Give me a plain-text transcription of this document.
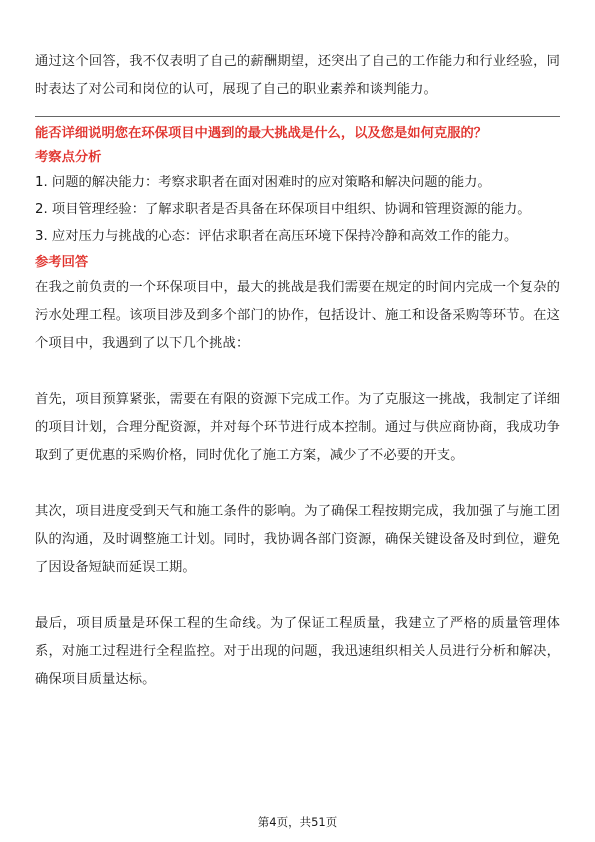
通过这个回答，我不仅表明了自己的薪酬期望，还突出了自己的工作能力和行业经验，同时表达了对公司和岗位的认可，展现了自己的职业素养和谈判能力。

能否详细说明您在环保项目中遇到的最大挑战是什么，以及您是如何克服的？

考察点分析

1. 问题的解决能力：考察求职者在面对困难时的应对策略和解决问题的能力。
2. 项目管理经验：了解求职者是否具备在环保项目中组织、协调和管理资源的能力。
3. 应对压力与挑战的心态：评估求职者在高压环境下保持冷静和高效工作的能力。

参考回答

在我之前负责的一个环保项目中，最大的挑战是我们需要在规定的时间内完成一个复杂的污水处理工程。该项目涉及到多个部门的协作，包括设计、施工和设备采购等环节。在这个项目中，我遇到了以下几个挑战：

首先，项目预算紧张，需要在有限的资源下完成工作。为了克服这一挑战，我制定了详细的项目计划，合理分配资源，并对每个环节进行成本控制。通过与供应商协商，我成功争取到了更优惠的采购价格，同时优化了施工方案，减少了不必要的开支。

其次，项目进度受到天气和施工条件的影响。为了确保工程按期完成，我加强了与施工团队的沟通，及时调整施工计划。同时，我协调各部门资源，确保关键设备及时到位，避免了因设备短缺而延误工期。

最后，项目质量是环保工程的生命线。为了保证工程质量，我建立了严格的质量管理体系，对施工过程进行全程监控。对于出现的问题，我迅速组织相关人员进行分析和解决，确保项目质量达标。

第4页，共51页
